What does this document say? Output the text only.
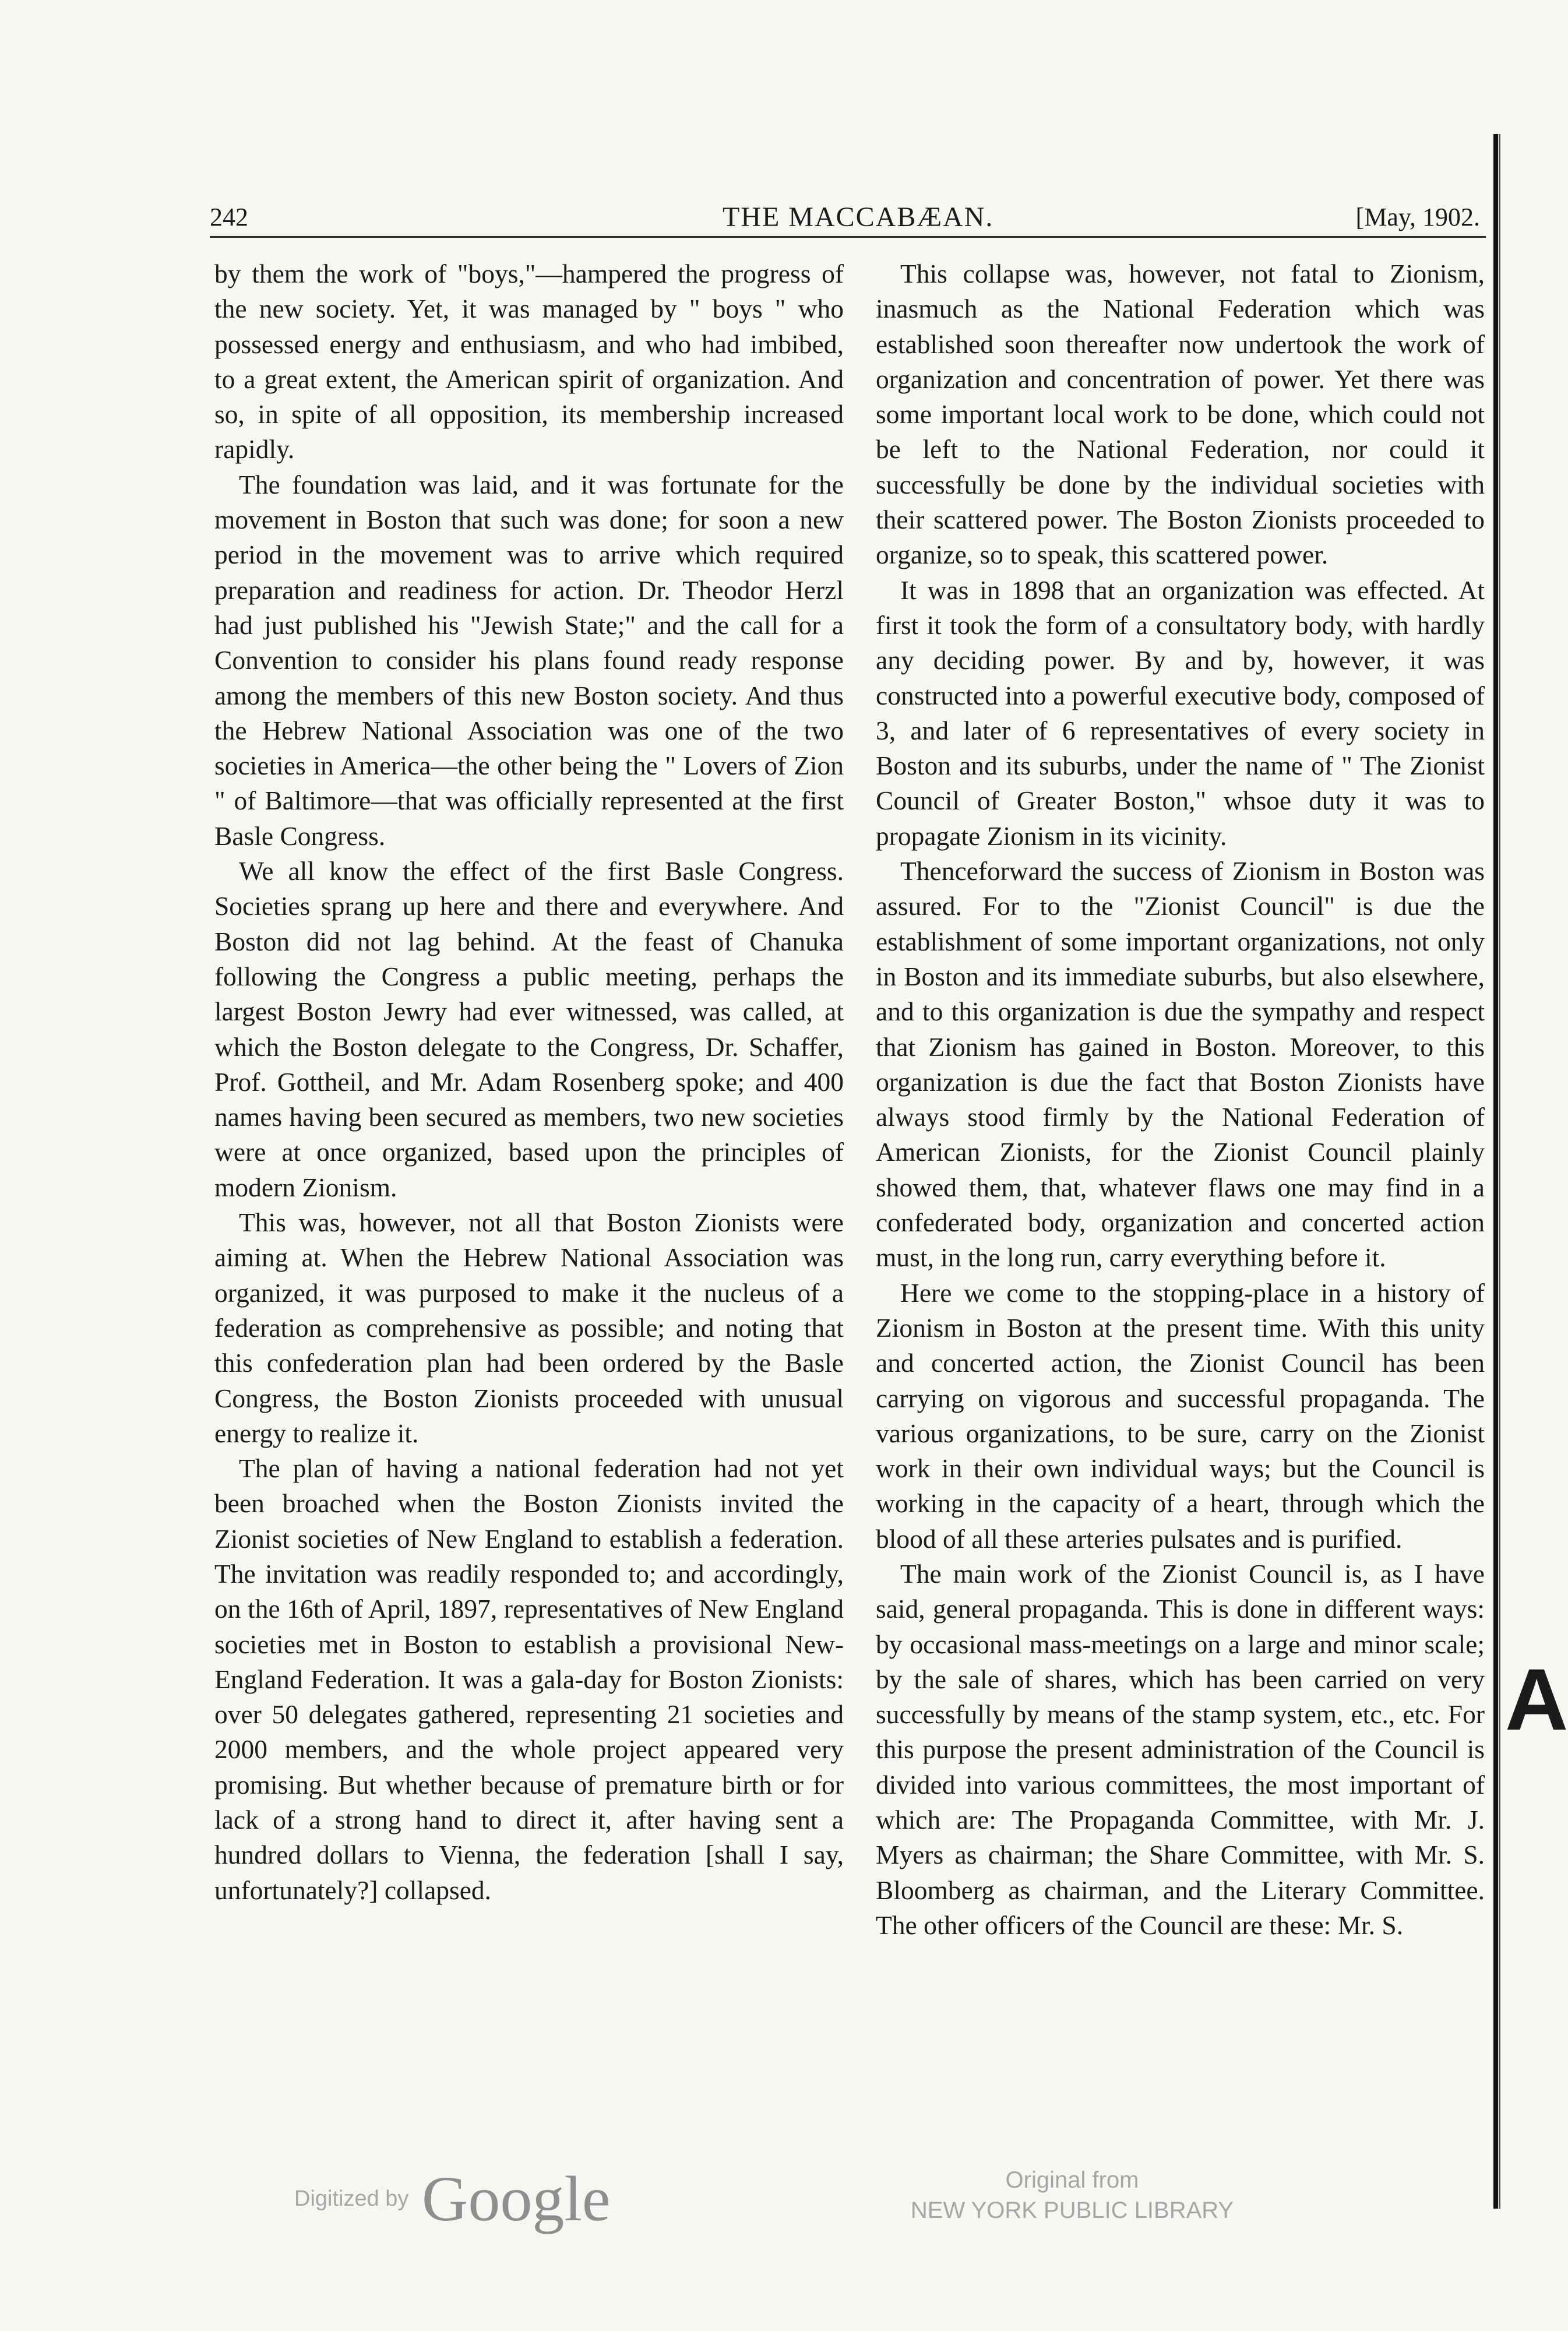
242	THE MACCABÆAN.	[May, 1902.

by them the work of "boys,"—hampered the progress of the new society. Yet, it was managed by " boys " who possessed energy and enthusiasm, and who had imbibed, to a great extent, the American spirit of organization. And so, in spite of all opposition, its membership increased rapidly.

The foundation was laid, and it was fortunate for the movement in Boston that such was done; for soon a new period in the movement was to arrive which required preparation and readiness for action. Dr. Theodor Herzl had just published his "Jewish State;" and the call for a Convention to consider his plans found ready response among the members of this new Boston society. And thus the Hebrew National Association was one of the two societies in America—the other being the " Lovers of Zion " of Baltimore—that was officially represented at the first Basle Congress.

We all know the effect of the first Basle Congress. Societies sprang up here and there and everywhere. And Boston did not lag behind. At the feast of Chanuka following the Congress a public meeting, perhaps the largest Boston Jewry had ever witnessed, was called, at which the Boston delegate to the Congress, Dr. Schaffer, Prof. Gottheil, and Mr. Adam Rosenberg spoke; and 400 names having been secured as members, two new societies were at once organized, based upon the principles of modern Zionism.

This was, however, not all that Boston Zionists were aiming at. When the Hebrew National Association was organized, it was purposed to make it the nucleus of a federation as comprehensive as possible; and noting that this confederation plan had been ordered by the Basle Congress, the Boston Zionists proceeded with unusual energy to realize it.

The plan of having a national federation had not yet been broached when the Boston Zionists invited the Zionist societies of New England to establish a federation. The invitation was readily responded to; and accordingly, on the 16th of April, 1897, representatives of New England societies met in Boston to establish a provisional New-England Federation. It was a gala-day for Boston Zionists: over 50 delegates gathered, representing 21 societies and 2000 members, and the whole project appeared very promising. But whether because of premature birth or for lack of a strong hand to direct it, after having sent a hundred dollars to Vienna, the federation [shall I say, unfortunately?] collapsed.

This collapse was, however, not fatal to Zionism, inasmuch as the National Federation which was established soon thereafter now undertook the work of organization and concentration of power. Yet there was some important local work to be done, which could not be left to the National Federation, nor could it successfully be done by the individual societies with their scattered power. The Boston Zionists proceeded to organize, so to speak, this scattered power.

It was in 1898 that an organization was effected. At first it took the form of a consultatory body, with hardly any deciding power. By and by, however, it was constructed into a powerful executive body, composed of 3, and later of 6 representatives of every society in Boston and its suburbs, under the name of " The Zionist Council of Greater Boston," whsoe duty it was to propagate Zionism in its vicinity.

Thenceforward the success of Zionism in Boston was assured. For to the "Zionist Council" is due the establishment of some important organizations, not only in Boston and its immediate suburbs, but also elsewhere, and to this organization is due the sympathy and respect that Zionism has gained in Boston. Moreover, to this organization is due the fact that Boston Zionists have always stood firmly by the National Federation of American Zionists, for the Zionist Council plainly showed them, that, whatever flaws one may find in a confederated body, organization and concerted action must, in the long run, carry everything before it.

Here we come to the stopping-place in a history of Zionism in Boston at the present time. With this unity and concerted action, the Zionist Council has been carrying on vigorous and successful propaganda. The various organizations, to be sure, carry on the Zionist work in their own individual ways; but the Council is working in the capacity of a heart, through which the blood of all these arteries pulsates and is purified.

The main work of the Zionist Council is, as I have said, general propaganda. This is done in different ways: by occasional mass-meetings on a large and minor scale; by the sale of shares, which has been carried on very successfully by means of the stamp system, etc., etc. For this purpose the present administration of the Council is divided into various committees, the most important of which are: The Propaganda Committee, with Mr. J. Myers as chairman; the Share Committee, with Mr. S. Bloomberg as chairman, and the Literary Committee. The other officers of the Council are these: Mr. S.

A
Digitized by Google	Original from
NEW YORK PUBLIC LIBRARY
